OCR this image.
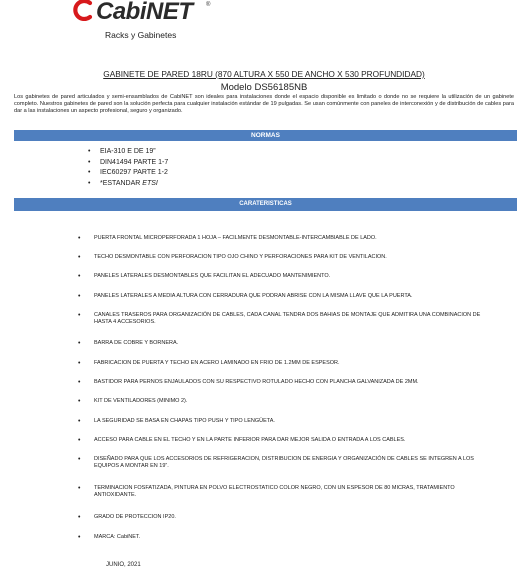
CabiNET ®
Racks y Gabinetes
GABINETE DE PARED 18RU (870 ALTURA X 550 DE ANCHO X 530 PROFUNDIDAD)
Modelo DS56185NB
Los gabinetes de pared articulados y semi-ensamblados de CabiNET son ideales para instalaciones donde el espacio disponible es limitado o donde no se requiere la utilización de un gabinete completo. Nuestros gabinetes de pared son la solución perfecta para cualquier instalación estándar de 19 pulgadas. Se usan comúnmente con paneles de interconexión y de distribución de cables para dar a las instalaciones un aspecto profesional, seguro y organizado.
NORMAS
• EIA-310 E DE 19”
• DIN41494 PARTE 1-7
• IEC60297 PARTE 1-2
• *ESTANDAR ETSI
CARATERISTICAS
• PUERTA FRONTAL MICROPERFORADA 1 HOJA – FACILMENTE DESMONTABLE-INTERCAMBIABLE DE LADO.
• TECHO DESMONTABLE CON PERFORACION TIPO OJO CHINO Y PERFORACIONES PARA KIT DE VENTILACION.
• PANELES LATERALES DESMONTABLES QUE FACILITAN EL ADECUADO MANTENIMIENTO.
• PANELES LATERALES A MEDIA ALTURA CON CERRADURA QUE PODRAN ABRISE CON LA MISMA LLAVE QUE LA PUERTA.
• CANALES TRASEROS PARA ORGANIZACIÓN DE CABLES, CADA CANAL TENDRA DOS BAHIAS DE MONTAJE QUE ADMITIRA UNA COMBINACION DE HASTA 4 ACCESORIOS.
• BARRA DE COBRE Y BORNERA.
• FABRICACION DE PUERTA Y TECHO EN ACERO LAMINADO EN FRIO DE 1.2MM DE ESPESOR.
• BASTIDOR PARA PERNOS ENJAULADOS CON SU RESPECTIVO ROTULADO HECHO CON PLANCHA GALVANIZADA DE 2MM.
• KIT DE VENTILADORES (MINIMO 2).
• LA SEGURIDAD SE BASA EN CHAPAS TIPO PUSH Y TIPO LENGÜETA.
• ACCESO PARA CABLE EN EL TECHO Y EN LA PARTE INFERIOR PARA DAR MEJOR SALIDA O ENTRADA A LOS CABLES.
• DISEÑADO PARA QUE LOS ACCESORIOS DE REFRIGERACION, DISTRIBUCION DE ENERGIA Y ORGANIZACIÓN DE CABLES SE INTEGREN A LOS EQUIPOS A MONTAR EN 19”.
• TERMINACION FOSFATIZADA, PINTURA EN POLVO ELECTROSTATICO COLOR NEGRO, CON UN ESPESOR DE 80 MICRAS, TRATAMIENTO ANTIOXIDANTE.
• GRADO DE PROTECCION IP20.
• MARCA: CabiNET.
JUNIO, 2021
